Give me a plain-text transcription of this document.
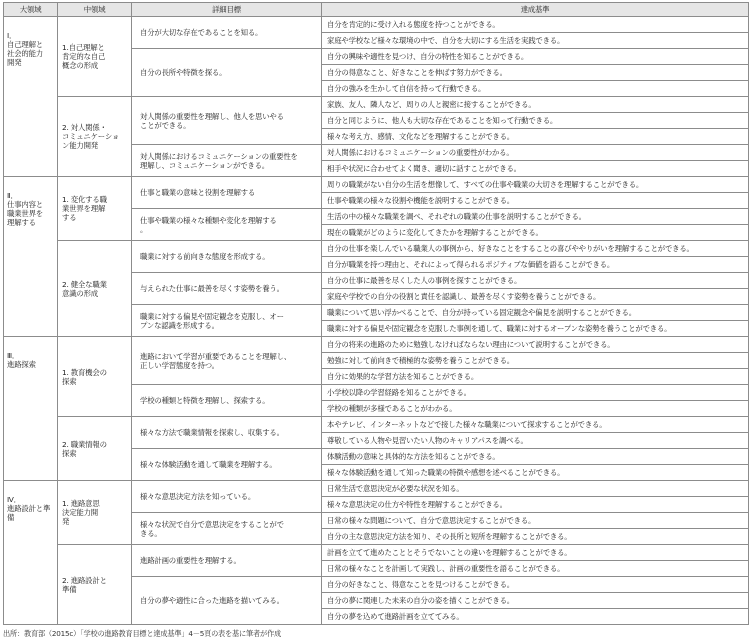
大領域	中領域	詳細目標	達成基準

Ⅰ．
自己理解と
社会的能力
開発	1.自己理解と
肯定的な自己
概念の形成	自分が大切な存在であることを知る。	自分を肯定的に受け入れる態度を持つことができる。
			家庭や学校など様々な環境の中で、自分を大切にする生活を実践できる。

		自分の長所や特徴を探る。	自分の興味や適性を見つけ、自分の特性を知ることができる。
			自分の得意なこと、好きなことを伸ばす努力ができる。
			自分の強みを生かして自信を持って行動できる。

	2. 対人関係・
コミュニケーショ
ン能力開発	対人関係の重要性を理解し、他人を思いやる
ことができる。	家族、友人、隣人など、周りの人と親密に接することができる。
			自分と同じように、他人も大切な存在であることを知って行動できる。
			様々な考え方、感情、文化などを理解することができる。

		対人関係におけるコミュニケーションの重要性を
理解し、コミュニケーションができる。	対人関係におけるコミュニケーションの重要性がわかる。
			相手や状況に合わせてよく聞き、適切に話すことができる。

Ⅱ．
仕事内容と
職業世界を
理解する	1. 変化する職
業世界を理解
する	仕事と職業の意味と役割を理解する	周りの職業がない自分の生活を想像して、すべての仕事や職業の大切さを理解することができる。
			仕事や職業の様々な役割や機能を説明することができる。

		仕事や職業の様々な種類や変化を理解する
。	生活の中の様々な職業を調べ、それぞれの職業の仕事を説明することができる。
			現在の職業がどのように変化してきたかを理解することができる。

	2. 健全な職業
意識の形成	職業に対する前向きな態度を形成する。	自分の仕事を楽しんでいる職業人の事例から、好きなことをすることの喜びややりがいを理解することができる。
			自分が職業を持つ理由と、それによって得られるポジティブな価値を語ることができる。

		与えられた仕事に最善を尽くす姿勢を養う。	自分の仕事に最善を尽くした人の事例を探すことができる。
			家庭や学校での自分の役割と責任を認識し、最善を尽くす姿勢を養うことができる。

		職業に対する偏見や固定観念を克服し、オー
プンな認識を形成する。	職業について思い浮かべることで、自分が持っている固定観念や偏見を説明することができる。
			職業に対する偏見や固定観念を克服した事例を通して、職業に対するオープンな姿勢を養うことができる。

Ⅲ．
進路探索	1. 教育機会の
探索	進路において学習が重要であることを理解し、
正しい学習態度を持つ。	自分の将来の進路のために勉強しなければならない理由について説明することができる。
			勉強に対して前向きで積極的な姿勢を養うことができる。
			自分に効果的な学習方法を知ることができる。

		学校の種類と特徴を理解し、探索する。	小学校以降の学習経路を知ることができる。
			学校の種類が多様であることがわかる。

	2. 職業情報の
探索	様々な方法で職業情報を探索し、収集する。	本やテレビ、インターネットなどで接した様々な職業について探求することができる。
			尊敬している人物や見習いたい人物のキャリアパスを調べる。

		様々な体験活動を通して職業を理解する。	体験活動の意味と具体的な方法を知ることができる。
			様々な体験活動を通して知った職業の特徴や感想を述べることができる。

Ⅳ．
進路設計と準
備	1. 進路意思
決定能力開
発	様々な意思決定方法を知っている。	日常生活で意思決定が必要な状況を知る。
			様々な意思決定の仕方や特性を理解することができる。

		様々な状況で自分で意思決定をすることがで
きる。	日常の様々な問題について、自分で意思決定することができる。
			自分の主な意思決定方法を知り、その長所と短所を理解することができる。

	2. 進路設計と
準備	進路計画の重要性を理解する。	計画を立てて進めたこととそうでないことの違いを理解することができる。
			日常の様々なことを計画して実践し、計画の重要性を語ることができる。

		自分の夢や適性に合った進路を描いてみる。	自分の好きなこと、得意なことを見つけることができる。
			自分の夢に関連した未来の自分の姿を描くことができる。
			自分の夢を込めて進路計画を立ててみる。
出所：教育部（2015c）「学校の進路教育目標と達成基準」4－5頁の表を基に筆者が作成
